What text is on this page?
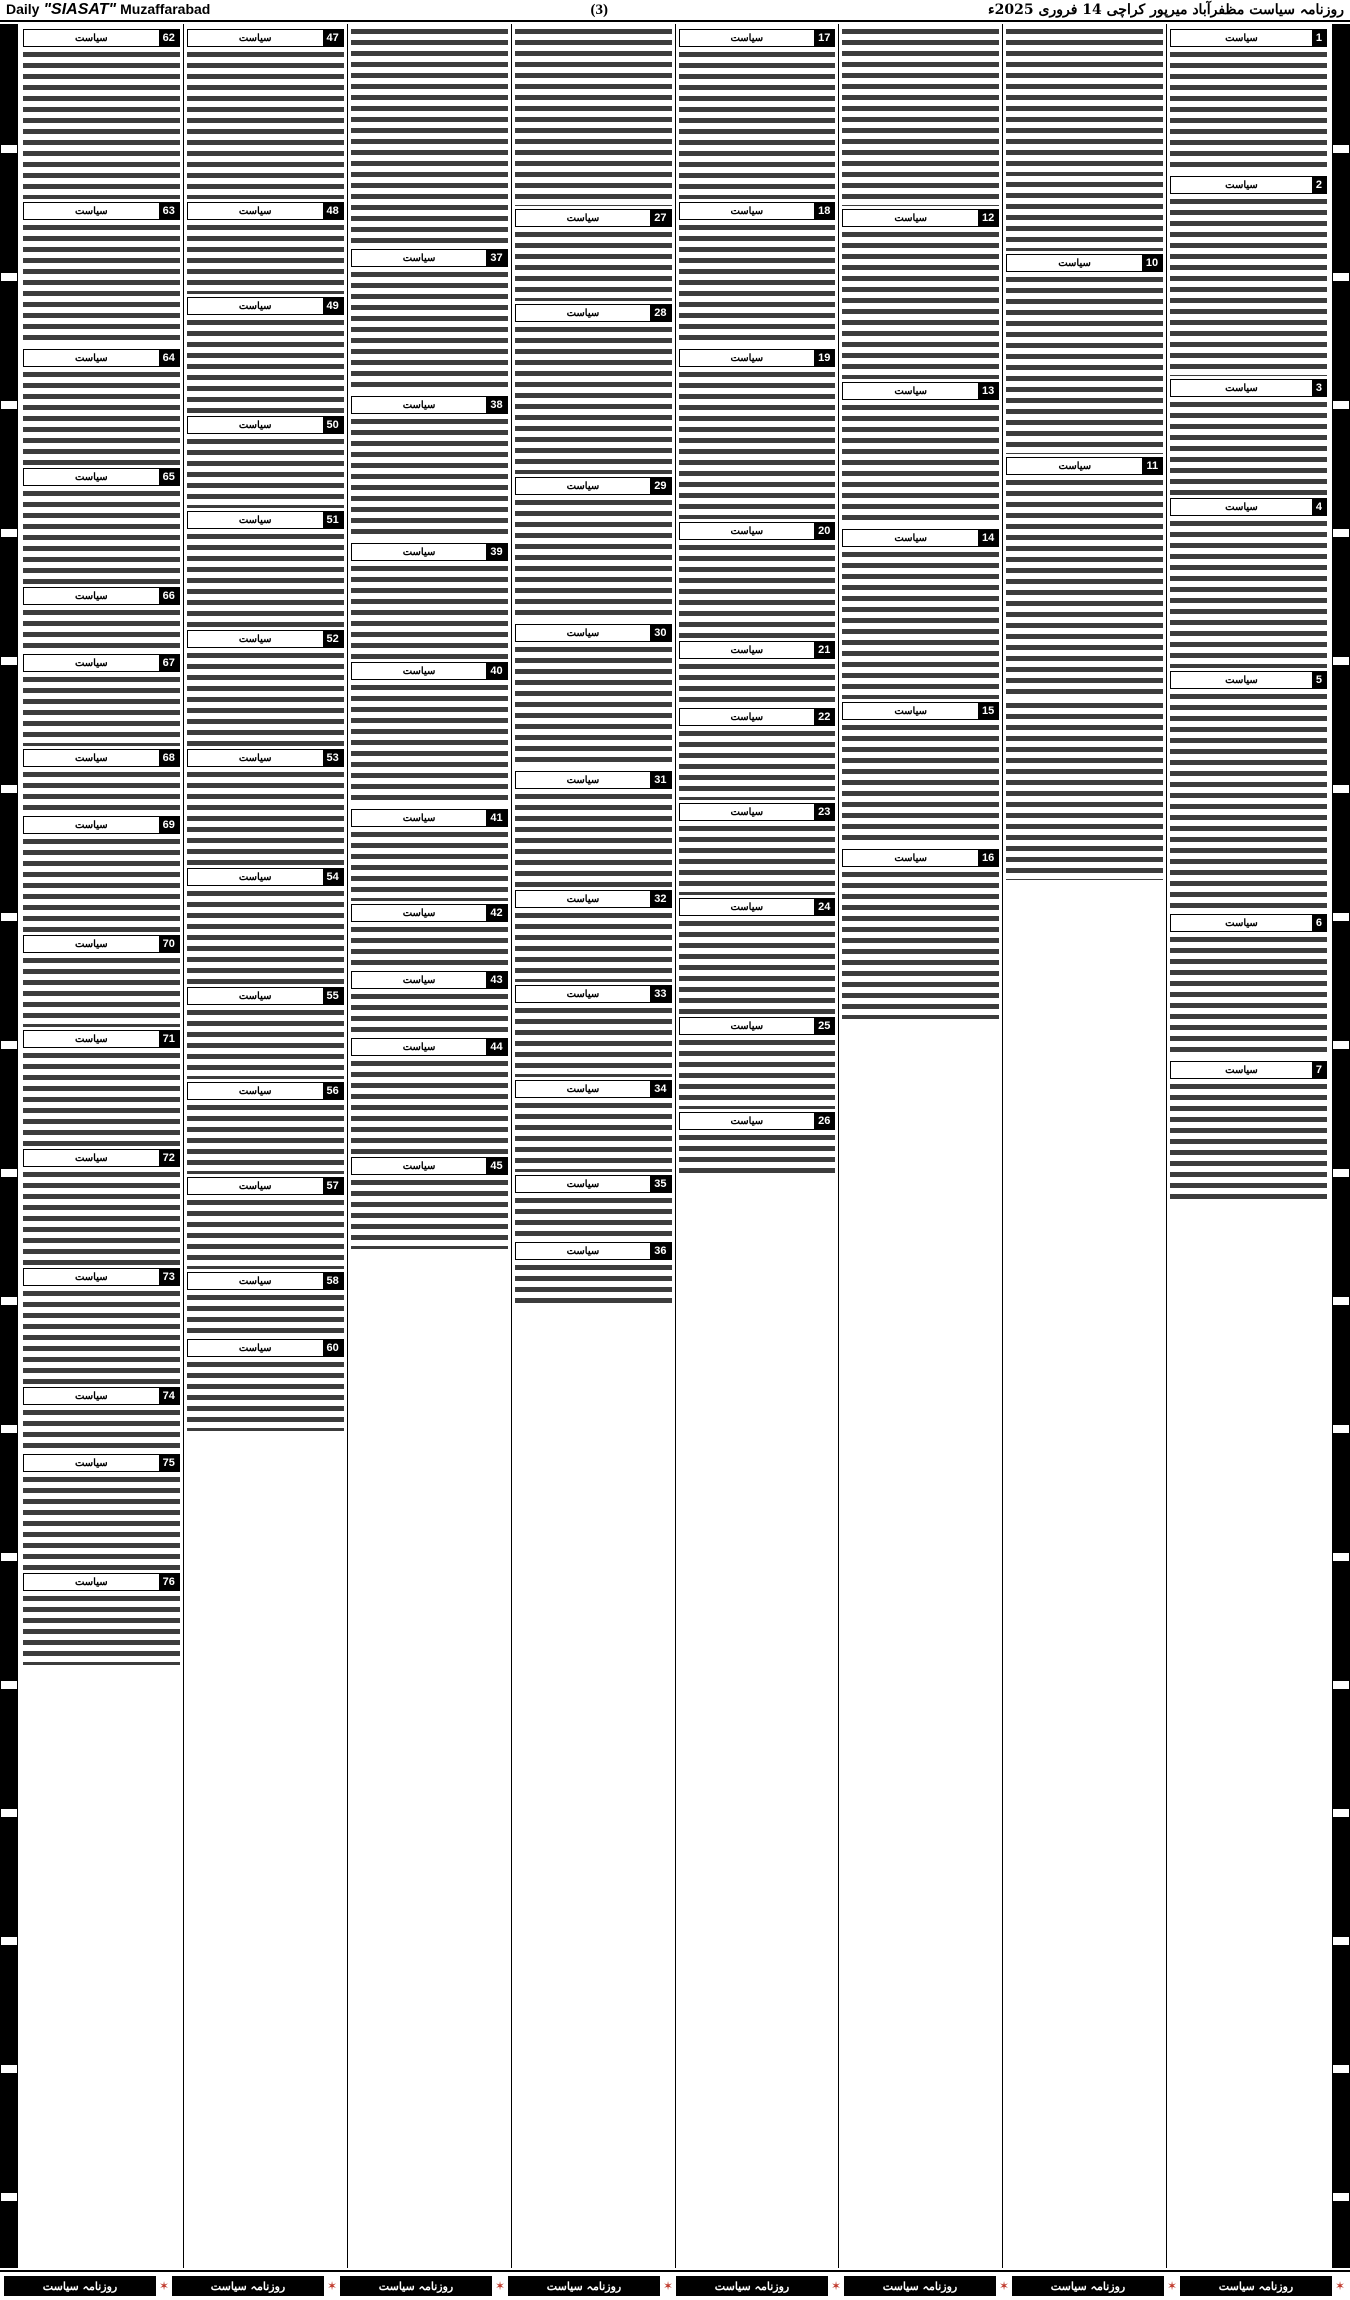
Daily "SIASAT" Muzaffarabad	(3)	روزنامہ سیاست مظفرآباد میرپور کراچی 14 فروری 2025ء
1
سیاست
2
سیاست
3
سیاست
4
سیاست
5
سیاست
6
سیاست
7
سیاست
10
سیاست
11
سیاست
12
سیاست
13
سیاست
14
سیاست
15
سیاست
16
سیاست
17
سیاست
18
سیاست
19
سیاست
20
سیاست
21
سیاست
22
سیاست
23
سیاست
24
سیاست
25
سیاست
26
سیاست
27
سیاست
28
سیاست
29
سیاست
30
سیاست
31
سیاست
32
سیاست
33
سیاست
34
سیاست
35
سیاست
36
سیاست
37
سیاست
38
سیاست
39
سیاست
40
سیاست
41
سیاست
42
سیاست
43
سیاست
44
سیاست
45
سیاست
47
سیاست
48
سیاست
49
سیاست
50
سیاست
51
سیاست
52
سیاست
53
سیاست
54
سیاست
55
سیاست
56
سیاست
57
سیاست
58
سیاست
60
سیاست
62
سیاست
63
سیاست
64
سیاست
65
سیاست
66
سیاست
67
سیاست
68
سیاست
69
سیاست
70
سیاست
71
سیاست
72
سیاست
73
سیاست
74
سیاست
75
سیاست
76
سیاست
✶
روزنامہ سیاست
✶
روزنامہ سیاست
✶
روزنامہ سیاست
✶
روزنامہ سیاست
✶
روزنامہ سیاست
✶
روزنامہ سیاست
✶
روزنامہ سیاست
✶
روزنامہ سیاست
